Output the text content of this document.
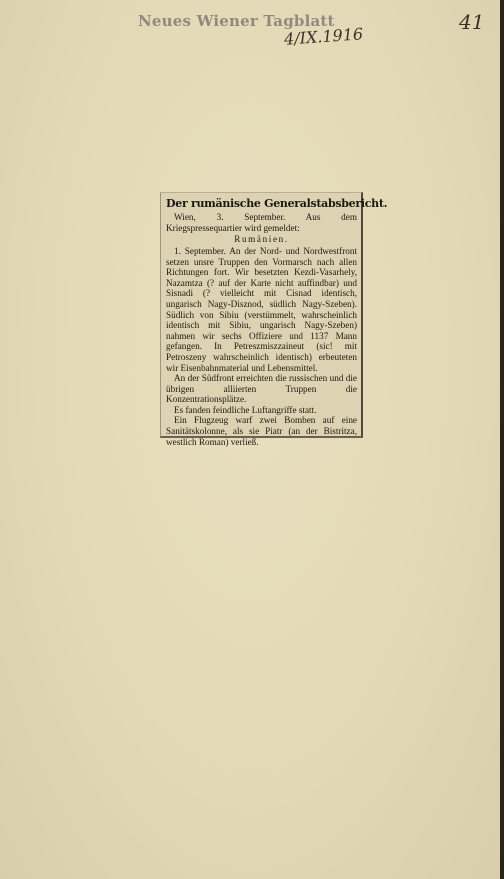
Neues Wiener Tagblatt
4/IX.1916
41
Der rumänische Generalstabsbericht.

Wien, 3. September. Aus dem Kriegspressequartier wird gemeldet:

Rumänien.

1. September. An der Nord- und Nordwestfront setzen unsre Truppen den Vormarsch nach allen Richtungen fort. Wir besetzten Kezdi-Vasarhely, Nazamtza (? auf der Karte nicht auffindbar) und Sisnadi (? vielleicht mit Cisnad identisch, ungarisch Nagy-Disznod, südlich Nagy-Szeben). Südlich von Sibiu (verstümmelt, wahrscheinlich identisch mit Sibiu, ungarisch Nagy-Szeben) nahmen wir sechs Offiziere und 1137 Mann gefangen. In Petreszmiszzaineut (sic! mit Petroszeny wahrscheinlich identisch) erbeuteten wir Eisenbahnmaterial und Lebensmittel.

An der Südfront erreichten die russischen und die übrigen alliierten Truppen die Konzentrationsplätze.

Es fanden feindliche Luftangriffe statt.

Ein Flugzeug warf zwei Bomben auf eine Sanitätskolonne, als sie Piatr (an der Bistritza, westlich Roman) verließ.
